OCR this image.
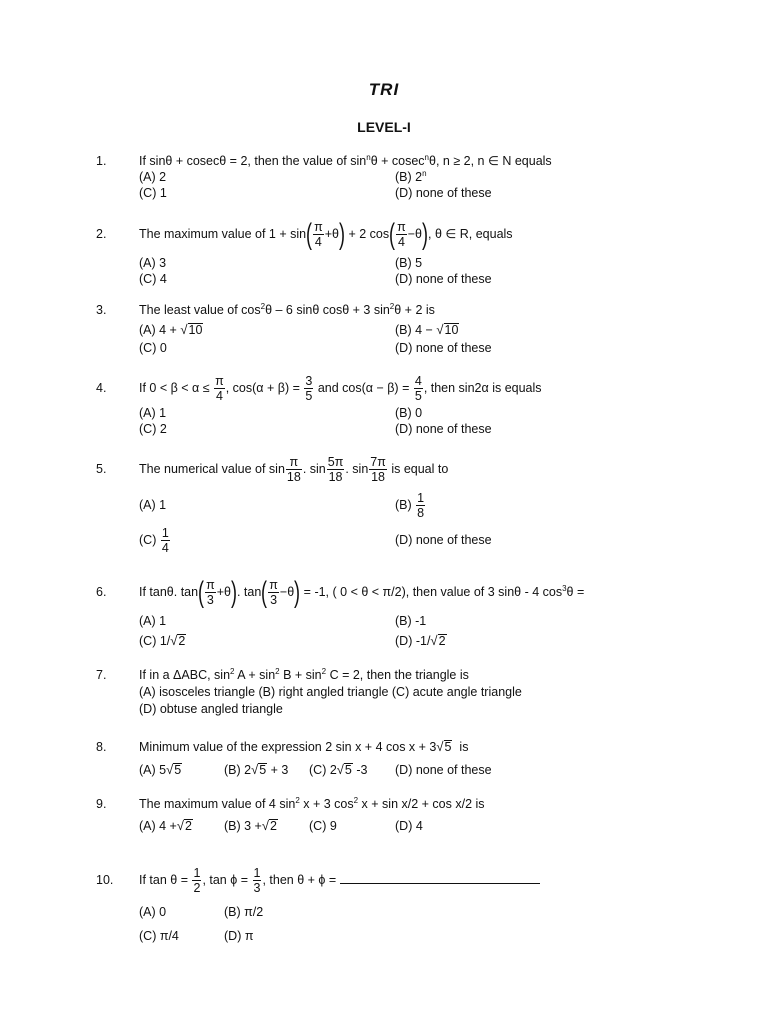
TRI
LEVEL-I
1.	If sinθ + cosecθ = 2, then the value of $\sin^n\theta + cosec^n\theta$, n ≥ 2, n ∈ N equals
(A) 2	(B) 2$^n$
(C) 1	(D) none of these
2.	The maximum value of $1 + \sin( \frac{\pi}{4} +\theta) + 2$ $\cos( \frac{\pi}{4} -\theta)$, θ ∈ R, equals
(A) 3	(B) 5
(C) 4	(D) none of these
3.	The least value of $\cos^2\theta - 6$ sinθ cosθ + 3 $\sin^2\theta + 2$ is
(A) 4 + √10	(B) 4 − √10
(C) 0	(D) none of these
4.	If $0 < \beta < \alpha \le \frac{\pi}{4}$ , $\cos(\alpha + \beta) = \frac{3}{5}$ and $\cos(\alpha - \beta) = \frac{4}{5}$ , then sin2α is equals
(A) 1	(B) 0
(C) 2	(D) none of these
5.	The numerical value of $\sin \frac{\pi}{18}$ . $\sin \frac{5\pi}{18}$ . $\sin \frac{7\pi}{18}$ is equal to
(A) 1	$(B) \frac{1}{8}$
$(C) \frac{1}{4}$	(D) none of these
6.	If tanθ. $\tan( \frac{\pi}{3} +\theta)$. $\tan( \frac{\pi}{3} -\theta) = -1$, ( 0 < θ < π/2), then value of 3 sinθ - 4 $\cos^3\theta$ =
(A) 1	(B) -1
(C) 1/√2	(D) -1/√2
7.	If in a ΔABC, $\sin^2 A + \sin^2 B + \sin^2 C = 2$, then the triangle is
(A) isosceles triangle (B) right angled triangle (C) acute angle triangle
(D) obtuse angled triangle
8.	Minimum value of the expression 2 sin x + 4 cos x + 3√5 is
(A) 5√5	(B) 2√5 + 3 (C) 2√5 -3 (D) none of these
9.	The maximum value of 4 $\sin^2 x + 3$ $\cos^2 x + \sin x/2 + \cos x/2$ is
(A) 4 +√2	(B) 3 +√2	(C) 9	(D) 4
10. If $\tan \theta = \frac{1}{2}$ , $\tan \phi = \frac{1}{3}$ , then θ + ϕ =
(A) 0	(B) π/2
(C) π/4	(D) π
